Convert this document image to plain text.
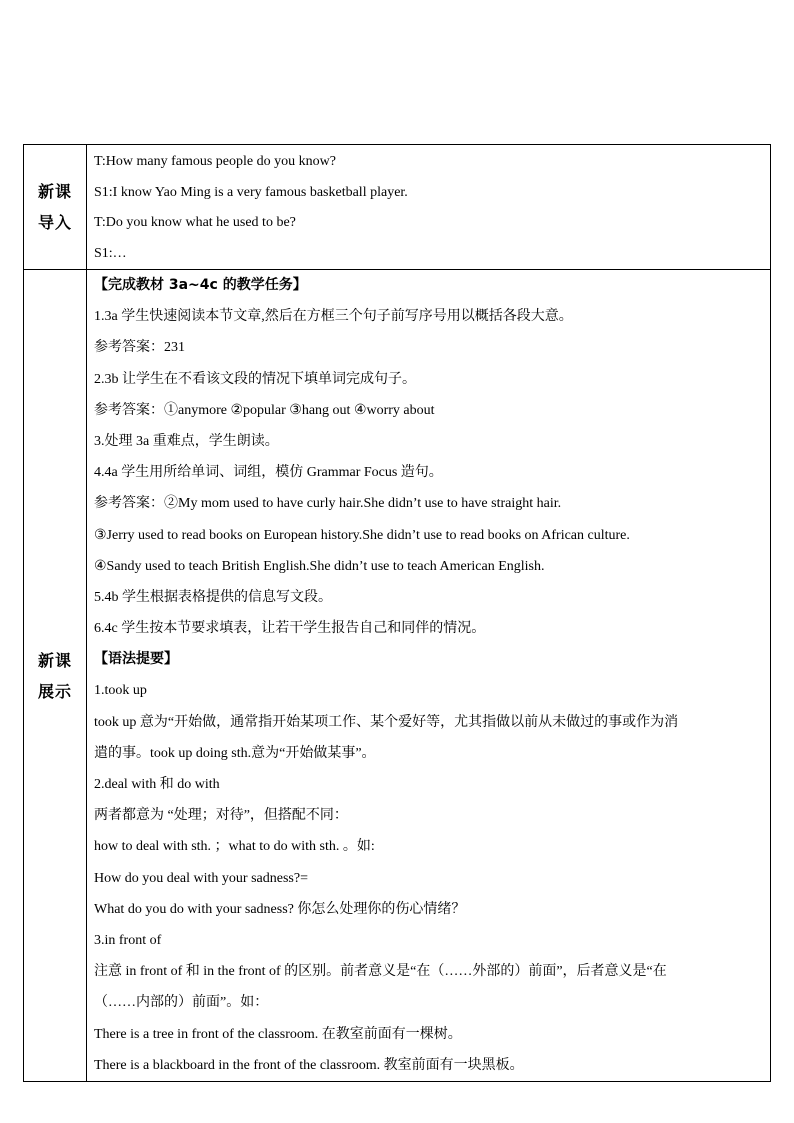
新课
导入
T:How many famous people do you know?
S1:I know Yao Ming is a very famous basketball player.
T:Do you know what he used to be?
S1:…
新课
展示
【完成教材 3a~4c 的教学任务】
1.3a 学生快速阅读本节文章,然后在方框三个句子前写序号用以概括各段大意。
参考答案：231
2.3b 让学生在不看该文段的情况下填单词完成句子。
参考答案：①anymore ②popular ③hang out ④worry about
3.处理 3a 重难点，学生朗读。
4.4a 学生用所给单词、词组，模仿 Grammar Focus 造句。
参考答案：②My mom used to have curly hair.She didn’t use to have straight hair.
③Jerry used to read books on European history.She didn’t use to read books on African culture.
④Sandy used to teach British English.She didn’t use to teach American English.
5.4b 学生根据表格提供的信息写文段。
6.4c 学生按本节要求填表，让若干学生报告自己和同伴的情况。
【语法提要】
1.took up
took up 意为“开始做，通常指开始某项工作、某个爱好等，尤其指做以前从未做过的事或作为消
遣的事。took up doing sth.意为“开始做某事”。
2.deal with 和 do with
两者都意为 “处理；对待”，但搭配不同：
how to deal with sth. ；what to do with sth. 。如:
How do you deal with your sadness?=
What do you do with your sadness? 你怎么处理你的伤心情绪？
3.in front of
注意 in front of 和 in the front of 的区别。前者意义是“在（……外部的）前面”，后者意义是“在
（……内部的）前面”。如：
There is a tree in front of the classroom. 在教室前面有一棵树。
There is a blackboard in the front of the classroom. 教室前面有一块黑板。
